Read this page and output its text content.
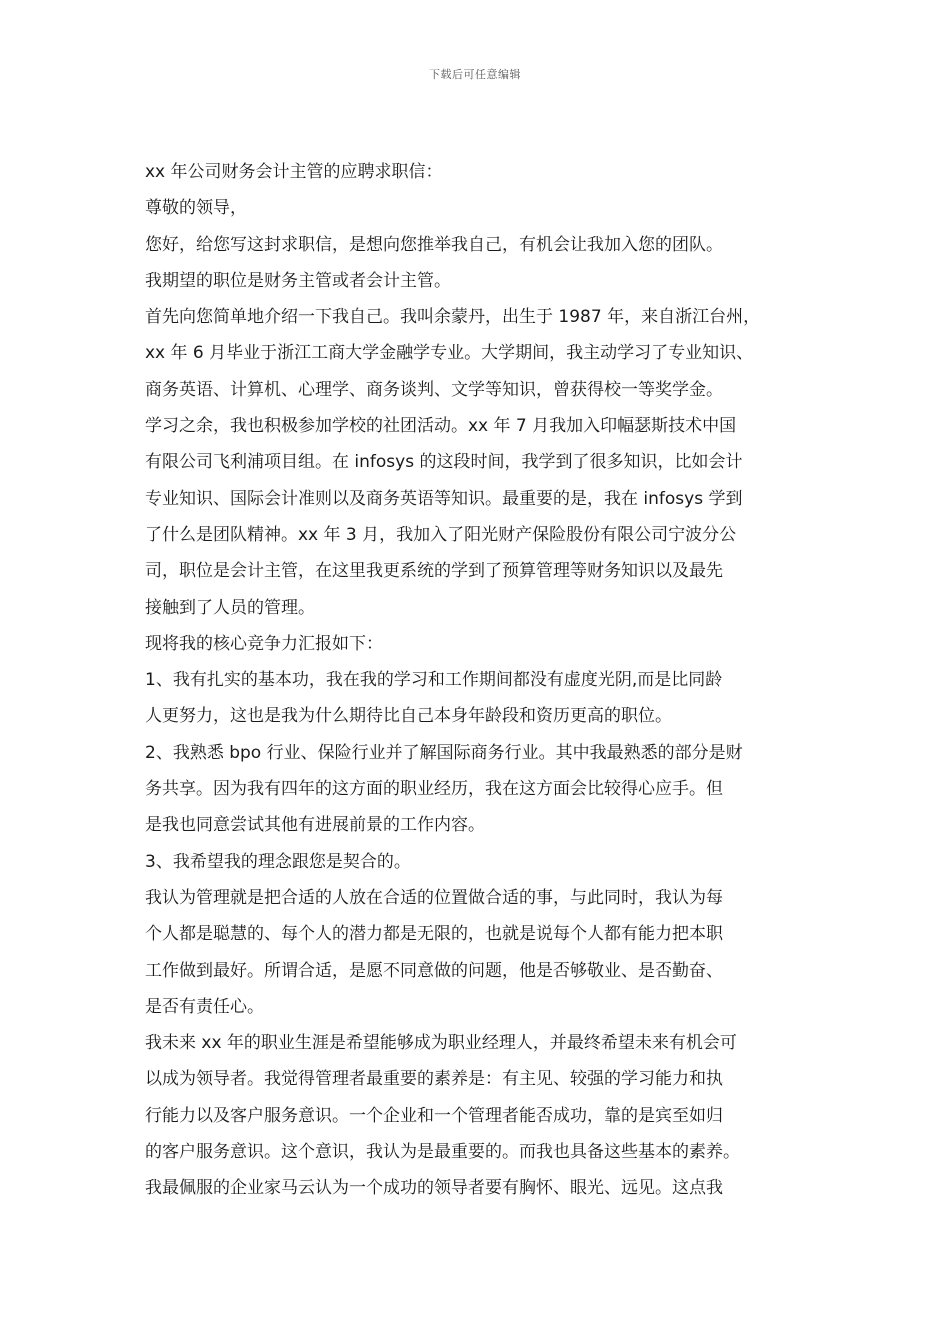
下载后可任意编辑
xx 年公司财务会计主管的应聘求职信：
尊敬的领导，
您好，给您写这封求职信，是想向您推举我自己，有机会让我加入您的团队。
我期望的职位是财务主管或者会计主管。
首先向您简单地介绍一下我自己。我叫余蒙丹，出生于 1987 年，来自浙江台州，
xx 年 6 月毕业于浙江工商大学金融学专业。大学期间，我主动学习了专业知识、
商务英语、计算机、心理学、商务谈判、文学等知识，曾获得校一等奖学金。
学习之余，我也积极参加学校的社团活动。xx 年 7 月我加入印幅瑟斯技术中国
有限公司飞利浦项目组。在 infosys 的这段时间，我学到了很多知识，比如会计
专业知识、国际会计准则以及商务英语等知识。最重要的是，我在 infosys 学到
了什么是团队精神。xx 年 3 月，我加入了阳光财产保险股份有限公司宁波分公
司，职位是会计主管，在这里我更系统的学到了预算管理等财务知识以及最先
接触到了人员的管理。
现将我的核心竞争力汇报如下：
1、我有扎实的基本功，我在我的学习和工作期间都没有虚度光阴,而是比同龄
人更努力，这也是我为什么期待比自己本身年龄段和资历更高的职位。
2、我熟悉 bpo 行业、保险行业并了解国际商务行业。其中我最熟悉的部分是财
务共享。因为我有四年的这方面的职业经历，我在这方面会比较得心应手。但
是我也同意尝试其他有进展前景的工作内容。
3、我希望我的理念跟您是契合的。
我认为管理就是把合适的人放在合适的位置做合适的事，与此同时，我认为每
个人都是聪慧的、每个人的潜力都是无限的，也就是说每个人都有能力把本职
工作做到最好。所谓合适，是愿不同意做的问题，他是否够敬业、是否勤奋、
是否有责任心。
我未来 xx 年的职业生涯是希望能够成为职业经理人，并最终希望未来有机会可
以成为领导者。我觉得管理者最重要的素养是：有主见、较强的学习能力和执
行能力以及客户服务意识。一个企业和一个管理者能否成功，靠的是宾至如归
的客户服务意识。这个意识，我认为是最重要的。而我也具备这些基本的素养。
我最佩服的企业家马云认为一个成功的领导者要有胸怀、眼光、远见。这点我
